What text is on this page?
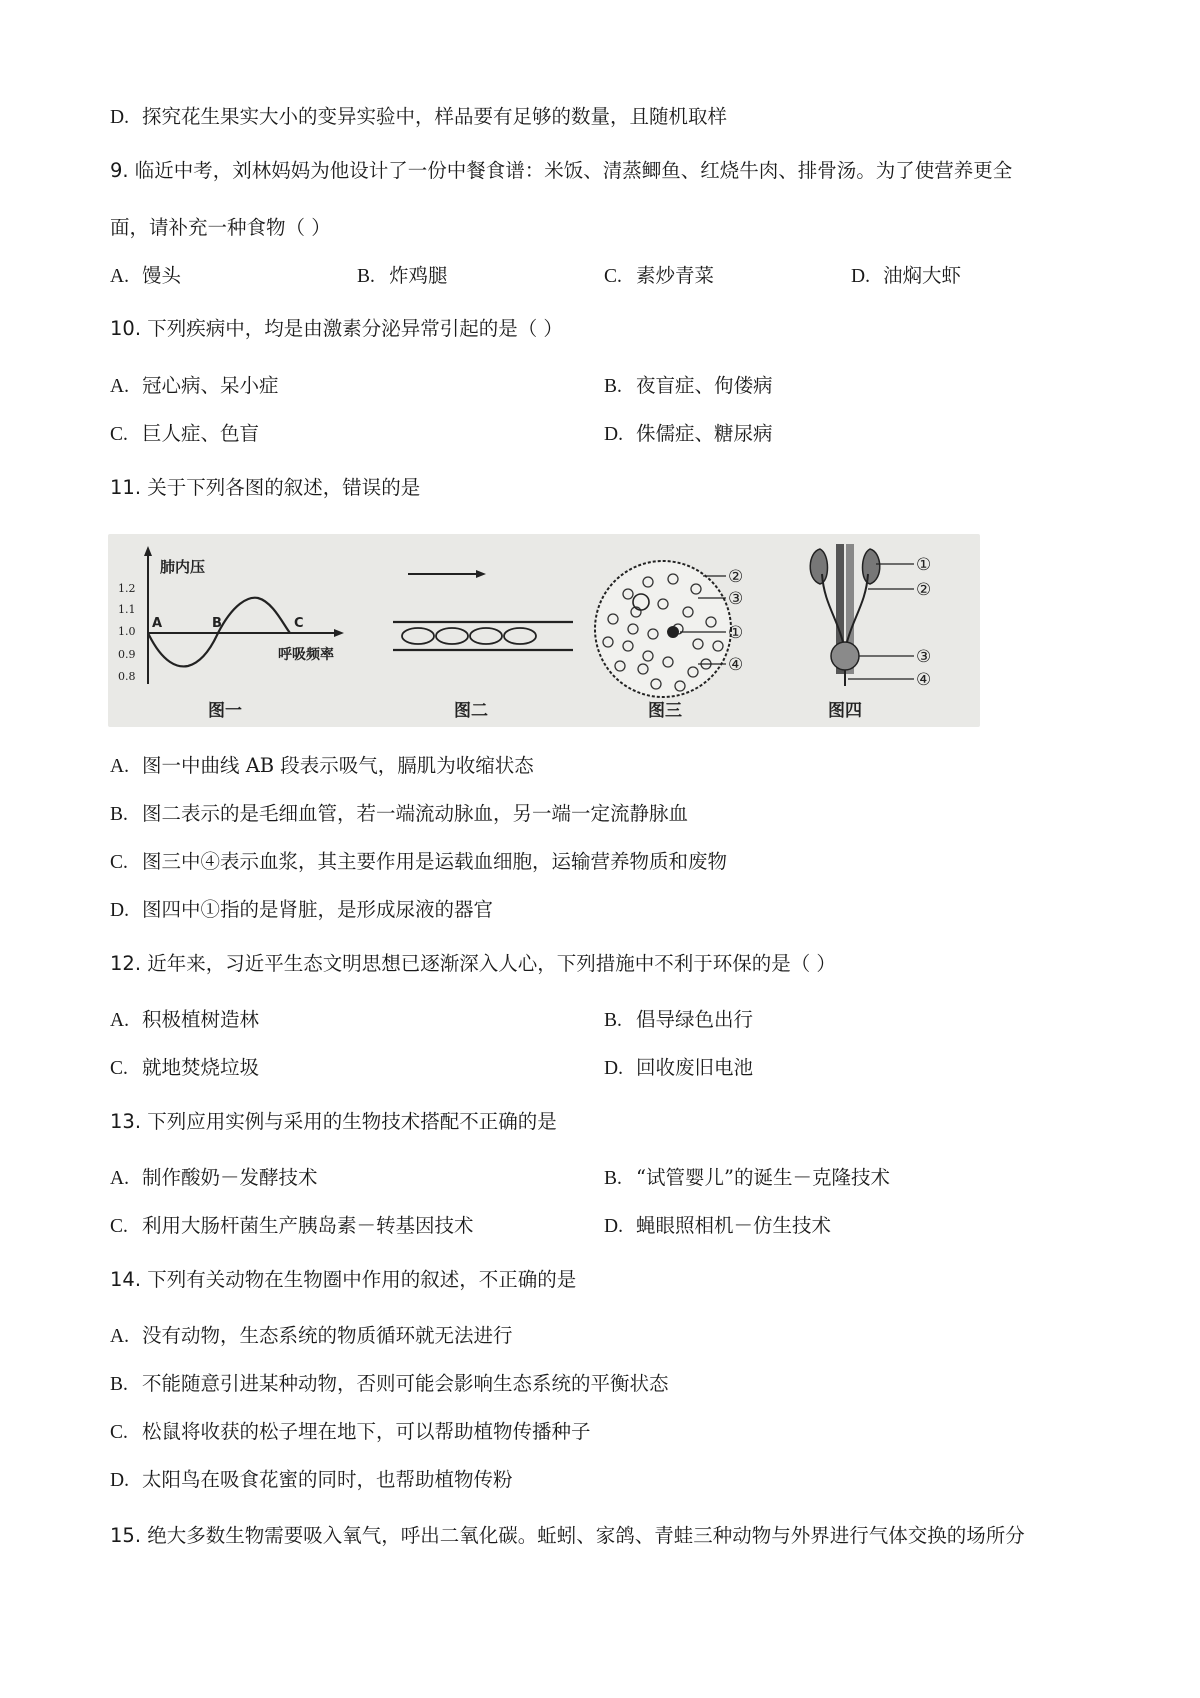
D. 探究花生果实大小的变异实验中，样品要有足够的数量，且随机取样
9. 临近中考，刘林妈妈为他设计了一份中餐食谱：米饭、清蒸鲫鱼、红烧牛肉、排骨汤。为了使营养更全
面，请补充一种食物（ ）
A. 馒头	B. 炸鸡腿	C. 素炒青菜	D. 油焖大虾
10. 下列疾病中，均是由激素分泌异常引起的是（ ）
A. 冠心病、呆小症	B. 夜盲症、佝偻病
C. 巨人症、色盲	D. 侏儒症、糖尿病
11. 关于下列各图的叙述，错误的是
肺内压
1.2
1.1
1.0
0.9
0.8
A	B	C
呼吸频率
图一	图二
②
③
①
④
图三
①
②
③
④
图四
A. 图一中曲线 AB 段表示吸气，膈肌为收缩状态
B. 图二表示的是毛细血管，若一端流动脉血，另一端一定流静脉血
C. 图三中④表示血浆，其主要作用是运载血细胞，运输营养物质和废物
D. 图四中①指的是肾脏，是形成尿液的器官
12. 近年来，习近平生态文明思想已逐渐深入人心，下列措施中不利于环保的是（ ）
A. 积极植树造林	B. 倡导绿色出行
C. 就地焚烧垃圾	D. 回收废旧电池
13. 下列应用实例与采用的生物技术搭配不正确的是
A. 制作酸奶－发酵技术	B. “试管婴儿”的诞生－克隆技术
C. 利用大肠杆菌生产胰岛素－转基因技术	D. 蝇眼照相机－仿生技术
14. 下列有关动物在生物圈中作用的叙述，不正确的是
A. 没有动物，生态系统的物质循环就无法进行
B. 不能随意引进某种动物，否则可能会影响生态系统的平衡状态
C. 松鼠将收获的松子埋在地下，可以帮助植物传播种子
D. 太阳鸟在吸食花蜜的同时，也帮助植物传粉
15. 绝大多数生物需要吸入氧气，呼出二氧化碳。蚯蚓、家鸽、青蛙三种动物与外界进行气体交换的场所分
